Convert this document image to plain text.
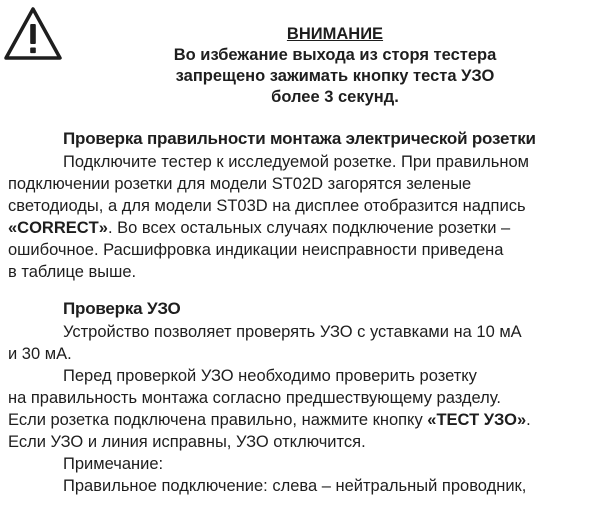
ВНИМАНИЕ
Во избежание выхода из сторя тестера
запрещено зажимать кнопку теста УЗО
более 3 секунд.
Проверка правильности монтажа электрической розетки
Подключите тестер к исследуемой розетке. При правильном
подключении розетки для модели ST02D загорятся зеленые
светодиоды, а для модели ST03D на дисплее отобразится надпись
«CORRECT». Во всех остальных случаях подключение розетки –
ошибочное. Расшифровка индикации неисправности приведена
в таблице выше.
Проверка УЗО
Устройство позволяет проверять УЗО с уставками на 10 мА
и 30 мА.
Перед проверкой УЗО необходимо проверить розетку
на правильность монтажа согласно предшествующему разделу.
Если розетка подключена правильно, нажмите кнопку «ТЕСТ УЗО».
Если УЗО и линия исправны, УЗО отключится.
Примечание:
Правильное подключение: слева – нейтральный проводник,
